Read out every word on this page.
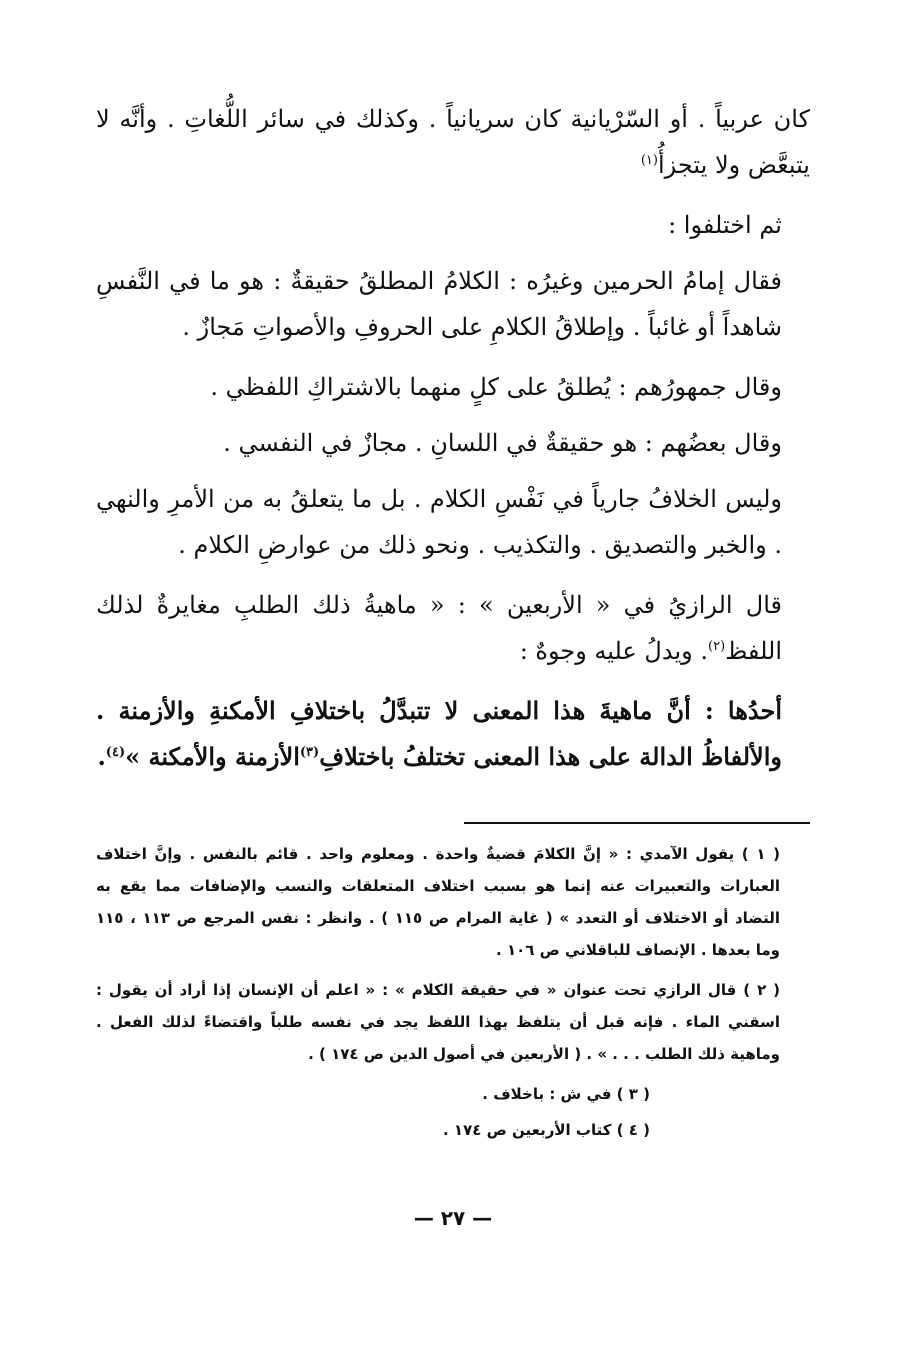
كان عربياً . أو السّرْيانية كان سريانياً . وكذلك في سائر اللُّغاتِ . وأنَّه لا يتبعَّض ولا يتجزأُ$^{(١)}$

ثم اختلفوا :

فقال إمامُ الحرمين وغيرُه : الكلامُ المطلقُ حقيقةٌ : هو ما في النَّفسِ شاهداً أو غائباً . وإطلاقُ الكلامِ على الحروفِ والأصواتِ مَجازٌ .

وقال جمهورُهم : يُطلقُ على كلٍ منهما بالاشتراكِ اللفظي .

وقال بعضُهم : هو حقيقةٌ في اللسانِ . مجازٌ في النفسي .

وليس الخلافُ جارياً في نَفْسِ الكلام . بل ما يتعلقُ به من الأمرِ والنهي . والخبر والتصديق . والتكذيب . ونحو ذلك من عوارضِ الكلام .

قال الرازيُ في « الأربعين » : « ماهيةُ ذلك الطلبِ مغايرةٌ لذلك اللفظ$^{(٢)}$. ويدلُ عليه وجوهٌ :

أحدُها : أنَّ ماهيةَ هذا المعنى لا تتبدَّلُ باختلافِ الأمكنةِ والأزمنة . والألفاظُ الدالة على هذا المعنى تختلفُ باختلافِ$^{(٣)}$الأزمنة والأمكنة »$^{(٤)}$.

( ١ ) يقول الآمدي : « إنَّ الكلامَ قضيةٌ واحدة . ومعلوم واحد . قائم بالنفس . وإنَّ اختلاف العبارات والتعبيرات عنه إنما هو بسبب اختلاف المتعلقات والنسب والإضافات مما يقع به التضاد أو الاختلاف أو التعدد » ( غاية المرام ص ١١٥ ) . وانظر : نفس المرجع ص ١١٣ ، ١١٥ وما بعدها . الإنصاف للباقلاني ص ١٠٦ .

( ٢ ) قال الرازي تحت عنوان « في حقيقة الكلام » : « اعلم أن الإنسان إذا أراد أن يقول : اسقني الماء . فإنه قبل أن يتلفظ بهذا اللفظ يجد في نفسه طلباً واقتضاءً لذلك الفعل . وماهية ذلك الطلب . . . » . ( الأربعين في أصول الدين ص ١٧٤ ) .

( ٣ ) في ش : باخلاف .

( ٤ ) كتاب الأربعين ص ١٧٤ .

— ٢٧ —
